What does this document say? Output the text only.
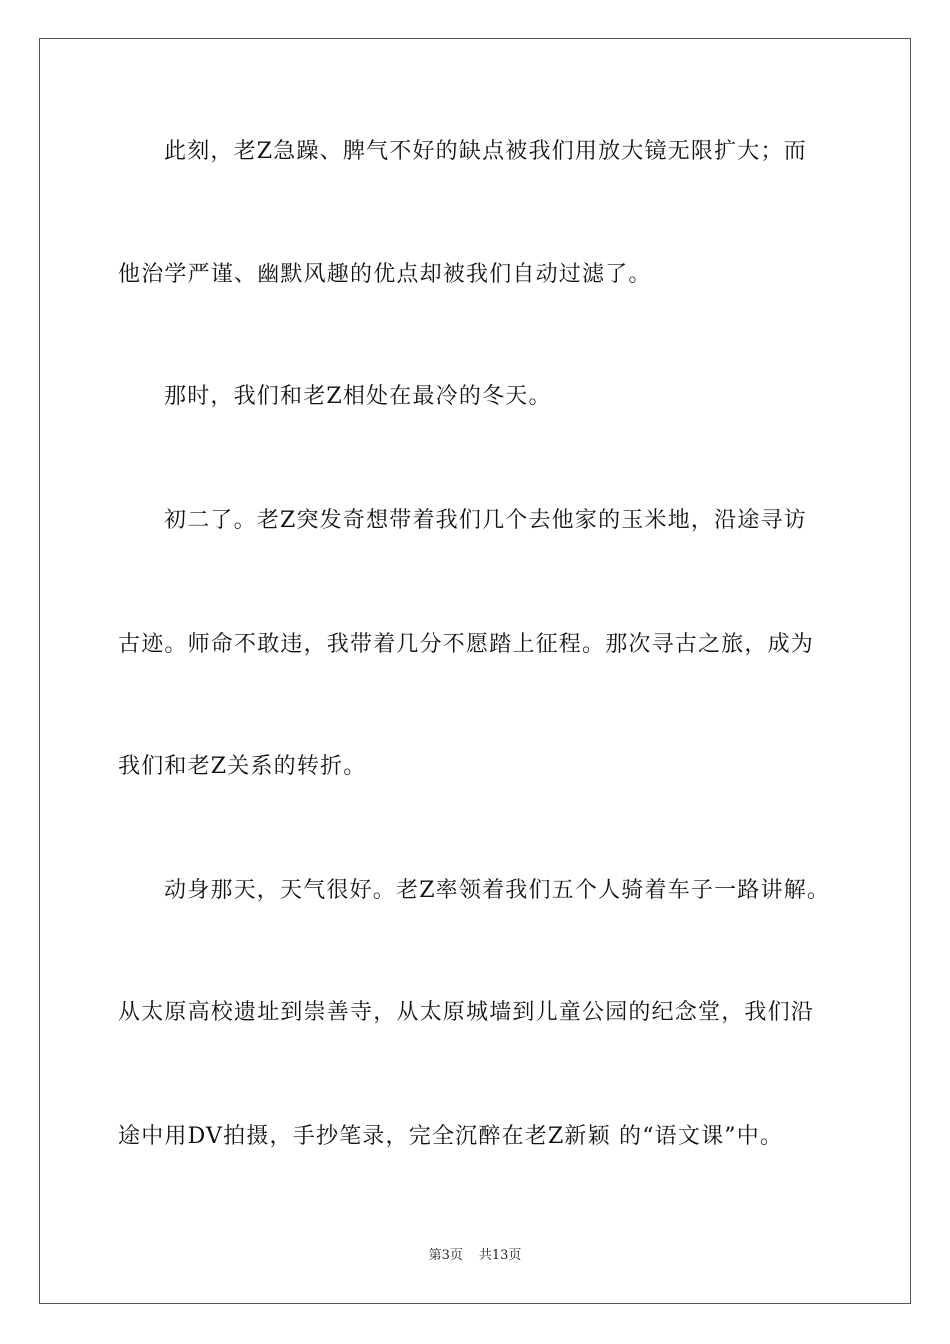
此刻，老Z急躁、脾气不好的缺点被我们用放大镜无限扩大；而
他治学严谨、幽默风趣的优点却被我们自动过滤了。
那时，我们和老Z相处在最冷的冬天。
初二了。老Z突发奇想带着我们几个去他家的玉米地，沿途寻访
古迹。师命不敢违，我带着几分不愿踏上征程。那次寻古之旅，成为
我们和老Z关系的转折。
动身那天，天气很好。老Z率领着我们五个人骑着车子一路讲解。
从太原高校遗址到崇善寺，从太原城墙到儿童公园的纪念堂，我们沿
途中用DV拍摄，手抄笔录，完全沉醉在老Z新颖 的“语文课”中。
第3页 共13页
